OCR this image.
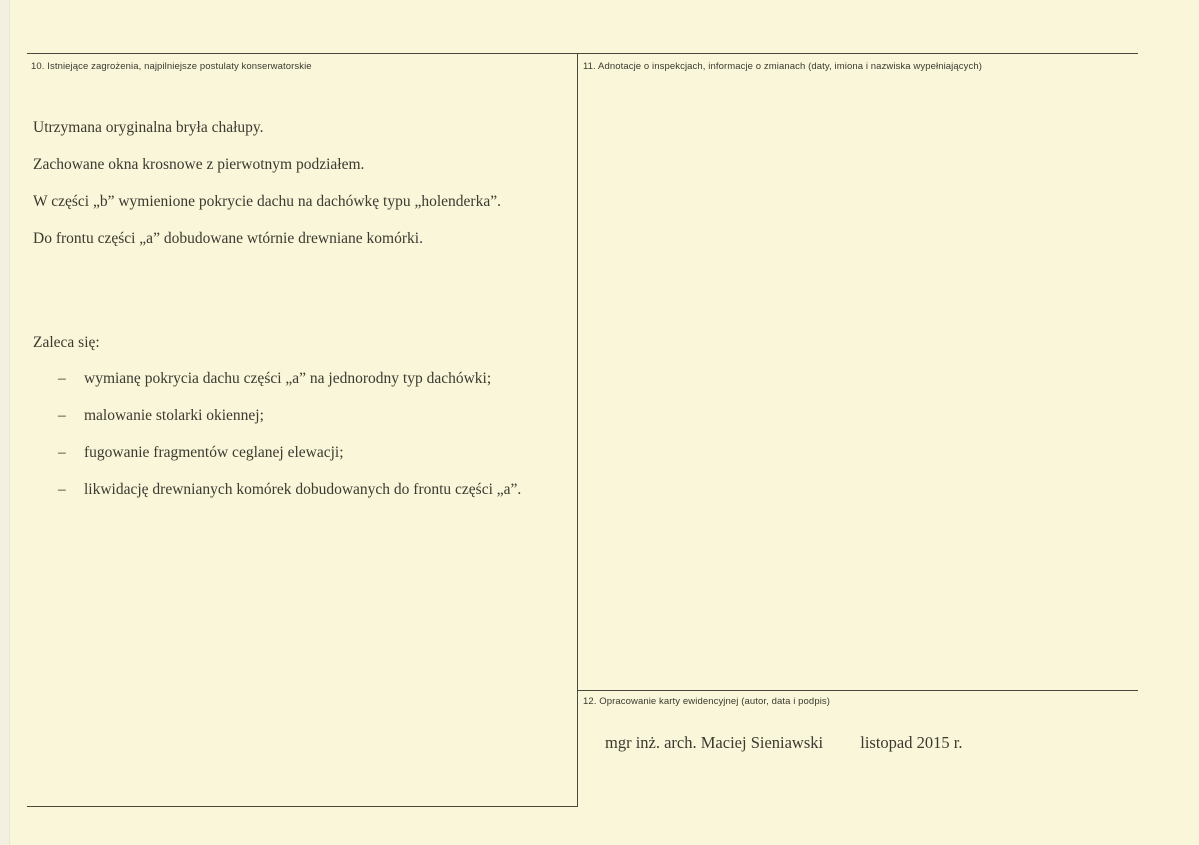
10. Istniejące zagrożenia, najpilniejsze postulaty konserwatorskie
Utrzymana oryginalna bryła chałupy.
Zachowane okna krosnowe z pierwotnym podziałem.
W części „b” wymienione pokrycie dachu na dachówkę typu „holenderka”.
Do frontu części „a” dobudowane wtórnie drewniane komórki.
Zaleca się:
– wymianę pokrycia dachu części „a” na jednorodny typ dachówki;
– malowanie stolarki okiennej;
– fugowanie fragmentów ceglanej elewacji;
– likwidację drewnianych komórek dobudowanych do frontu części „a”.
11. Adnotacje o inspekcjach, informacje o zmianach (daty, imiona i nazwiska wypełniających)
12. Opracowanie karty ewidencyjnej (autor, data i podpis)
mgr inż. arch. Maciej Sieniawski listopad 2015 r.
